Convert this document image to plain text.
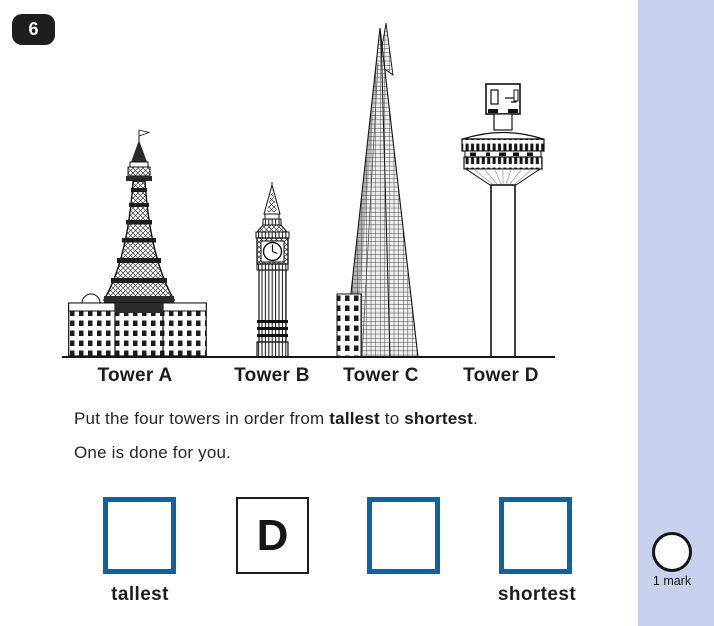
6
Tower A	Tower B	Tower C	Tower D
Put the four towers in order from tallest to shortest.
One is done for you.
D
tallest	shortest
1 mark
